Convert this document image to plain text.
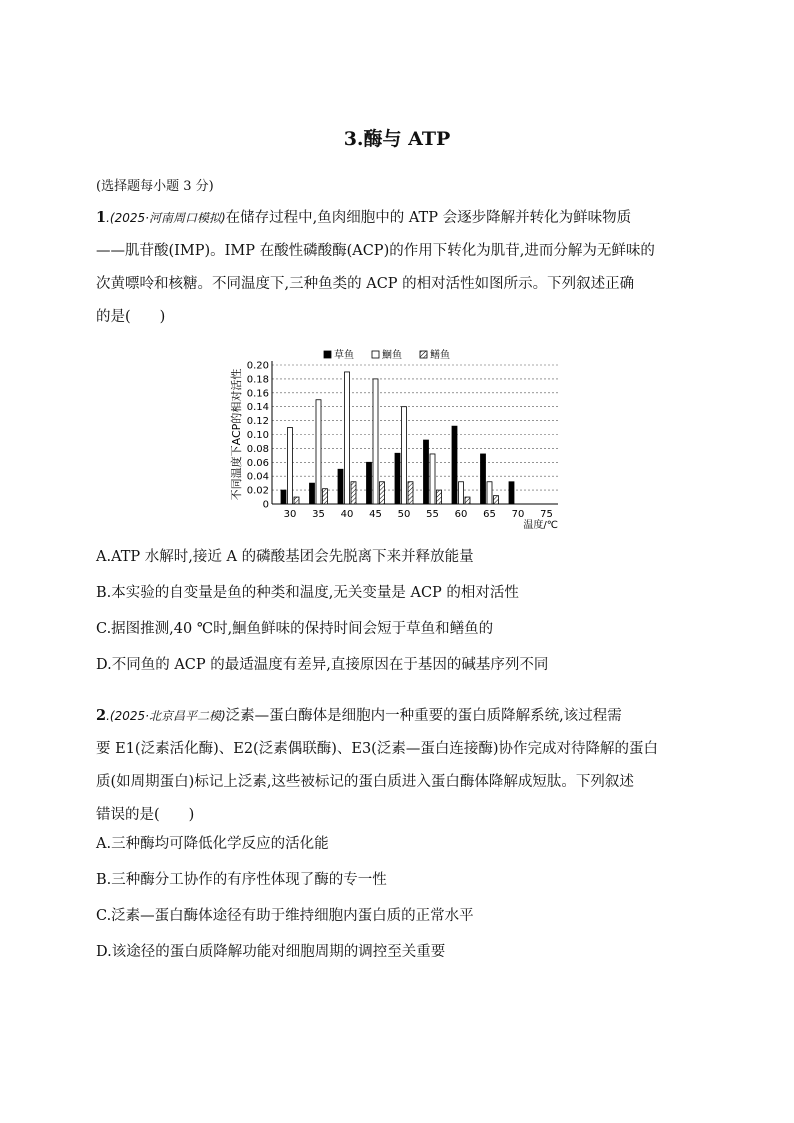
3.酶与 ATP
(选择题每小题 3 分)
1.(2025·河南周口模拟)在储存过程中,鱼肉细胞中的 ATP 会逐步降解并转化为鲜味物质
——肌苷酸(IMP)。IMP 在酸性磷酸酶(ACP)的作用下转化为肌苷,进而分解为无鲜味的
次黄嘌呤和核糖。不同温度下,三种鱼类的 ACP 的相对活性如图所示。下列叙述正确
的是(　　)
0
0.02
0.04
0.06
0.08
0.10
0.12
0.14
0.16
0.18
0.20
30 35 40 45 50 55 60 65 70 75
温度/℃
不同温度下ACP的相对活性
草鱼	鮰鱼	鳝鱼
A.ATP 水解时,接近 A 的磷酸基团会先脱离下来并释放能量
B.本实验的自变量是鱼的种类和温度,无关变量是 ACP 的相对活性
C.据图推测,40 ℃时,鮰鱼鲜味的保持时间会短于草鱼和鳝鱼的
D.不同鱼的 ACP 的最适温度有差异,直接原因在于基因的碱基序列不同
2.(2025·北京昌平二模)泛素—蛋白酶体是细胞内一种重要的蛋白质降解系统,该过程需
要 E1(泛素活化酶)、E2(泛素偶联酶)、E3(泛素—蛋白连接酶)协作完成对待降解的蛋白
质(如周期蛋白)标记上泛素,这些被标记的蛋白质进入蛋白酶体降解成短肽。下列叙述
错误的是(　　)
A.三种酶均可降低化学反应的活化能
B.三种酶分工协作的有序性体现了酶的专一性
C.泛素—蛋白酶体途径有助于维持细胞内蛋白质的正常水平
D.该途径的蛋白质降解功能对细胞周期的调控至关重要
